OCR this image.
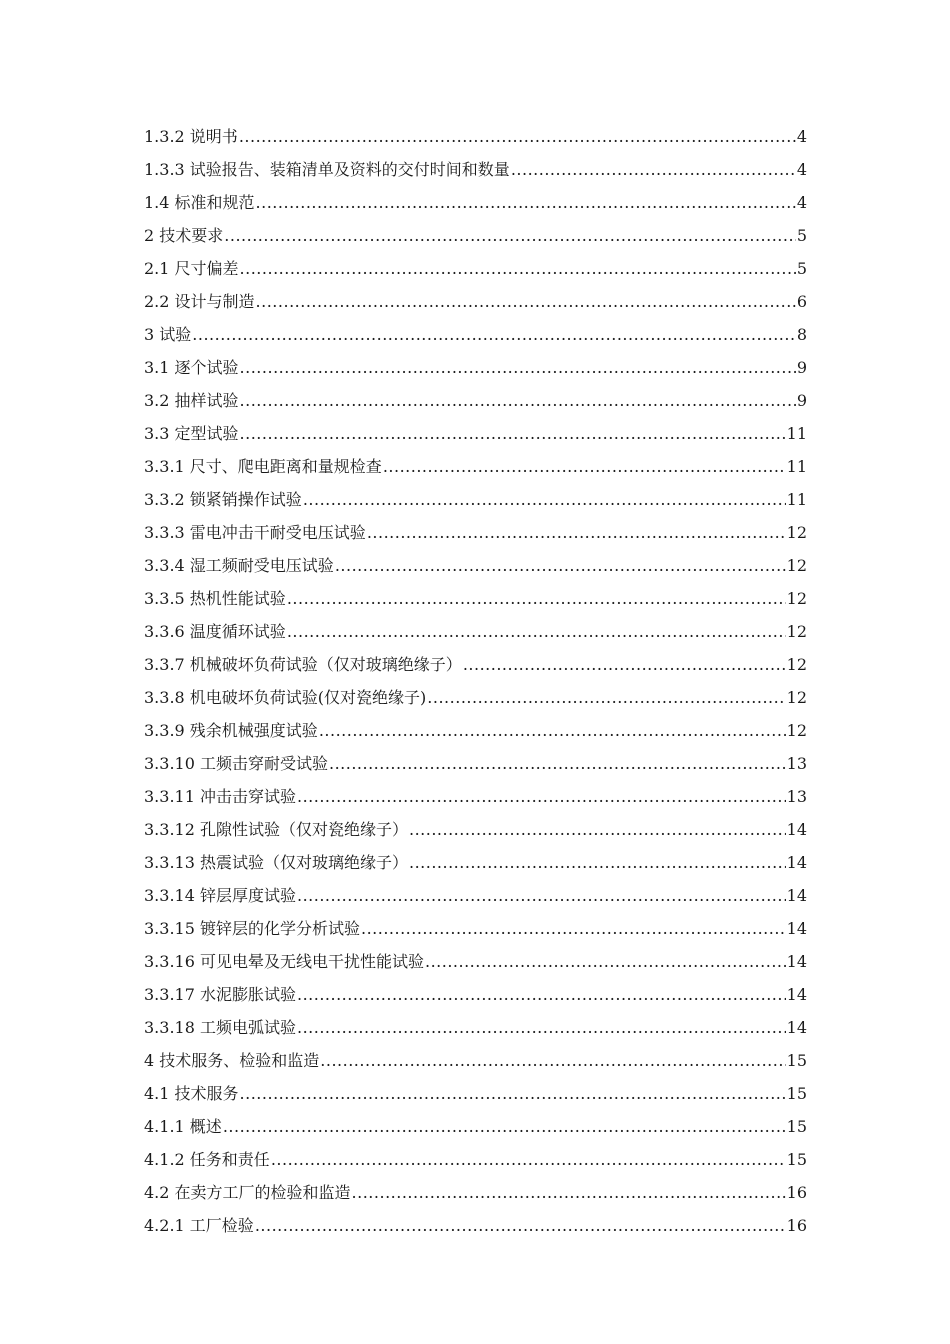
1.3.2 说明书 .....	4
1.3.3 试验报告、装箱清单及资料的交付时间和数量 .....	4
1.4 标准和规范 .....	4
2 技术要求 .....	5
2.1 尺寸偏差 .....	5
2.2 设计与制造 .....	6
3 试验 .....	8
3.1 逐个试验 .....	9
3.2 抽样试验 .....	9
3.3 定型试验 .....	11
3.3.1 尺寸、爬电距离和量规检查 .....	11
3.3.2 锁紧销操作试验 .....	11
3.3.3 雷电冲击干耐受电压试验 .....	12
3.3.4 湿工频耐受电压试验 .....	12
3.3.5 热机性能试验 .....	12
3.3.6 温度循环试验 .....	12
3.3.7 机械破坏负荷试验（仅对玻璃绝缘子） .....	12
3.3.8 机电破坏负荷试验(仅对瓷绝缘子) .....	12
3.3.9 残余机械强度试验 .....	12
3.3.10 工频击穿耐受试验 .....	13
3.3.11 冲击击穿试验 .....	13
3.3.12 孔隙性试验（仅对瓷绝缘子） .....	14
3.3.13 热震试验（仅对玻璃绝缘子） .....	14
3.3.14 锌层厚度试验 .....	14
3.3.15 镀锌层的化学分析试验 .....	14
3.3.16 可见电晕及无线电干扰性能试验 .....	14
3.3.17 水泥膨胀试验 .....	14
3.3.18 工频电弧试验 .....	14
4 技术服务、检验和监造 .....	15
4.1 技术服务 .....	15
4.1.1 概述 .....	15
4.1.2 任务和责任 .....	15
4.2 在卖方工厂的检验和监造 .....	16
4.2.1 工厂检验 .....	16
